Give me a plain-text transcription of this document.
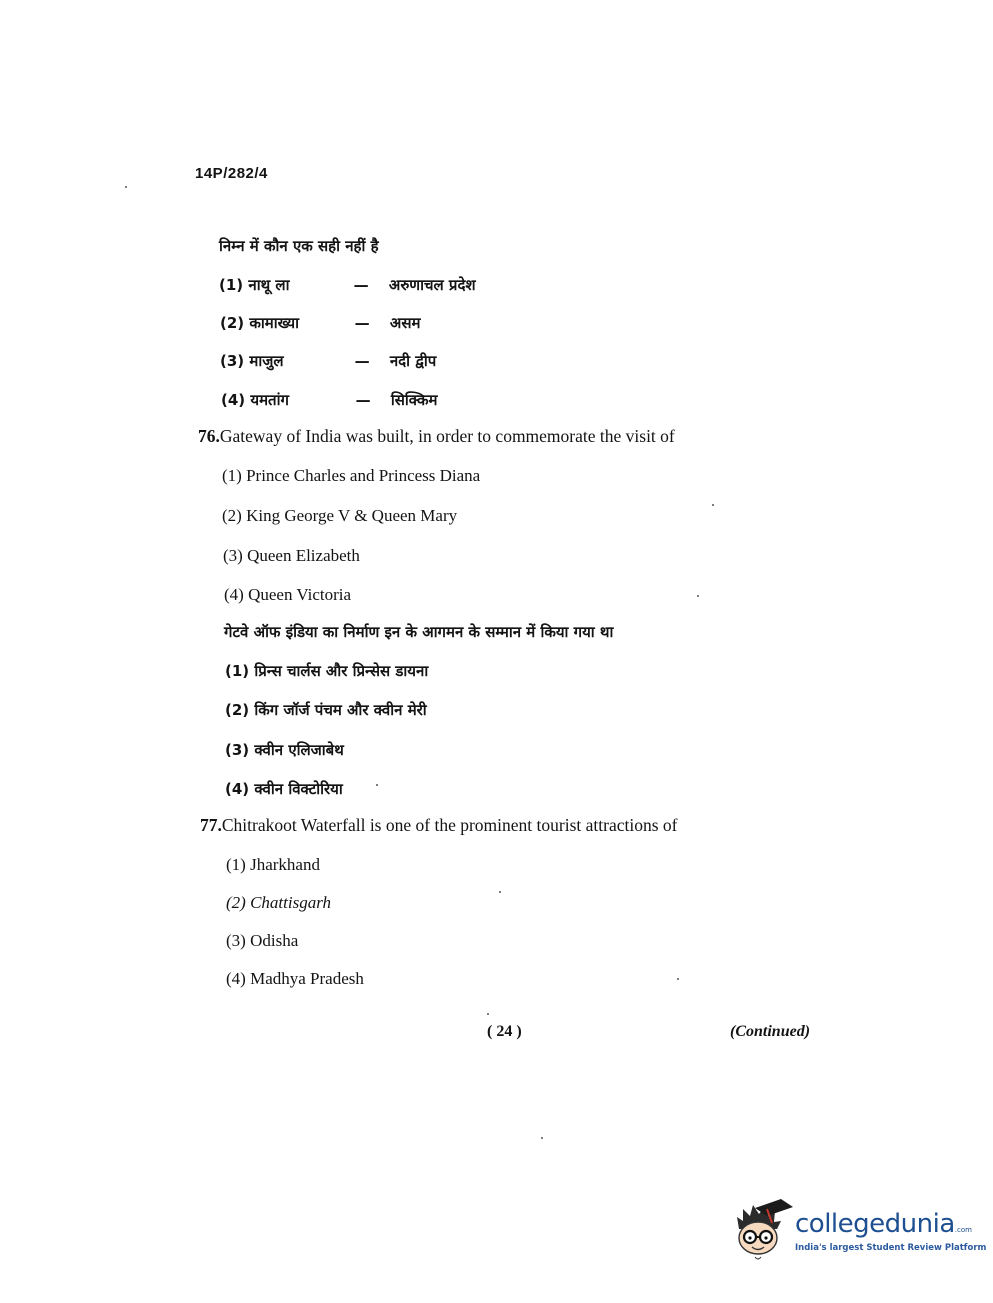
14P/282/4
निम्न में कौन एक सही नहीं है
(1) नाथू ला	— अरुणाचल प्रदेश
(2) कामाख्या	— असम
(3) माजुल	— नदी द्वीप
(4) यमतांग	— सिक्किम
76.Gateway of India was built, in order to commemorate the visit of
(1) Prince Charles and Princess Diana
(2) King George V & Queen Mary
(3) Queen Elizabeth
(4) Queen Victoria
गेटवे ऑफ इंडिया का निर्माण इन के आगमन के सम्मान में किया गया था
(1) प्रिन्स चार्लस और प्रिन्सेस डायना
(2) किंग जॉर्ज पंचम और क्वीन मेरी
(3) क्वीन एलिजाबेथ
(4) क्वीन विक्टोरिया
77.Chitrakoot Waterfall is one of the prominent tourist attractions of
(1) Jharkhand
(2) Chattisgarh
(3) Odisha
(4) Madhya Pradesh
( 24 )	(Continued)
collegedunia.com
India's largest Student Review Platform
